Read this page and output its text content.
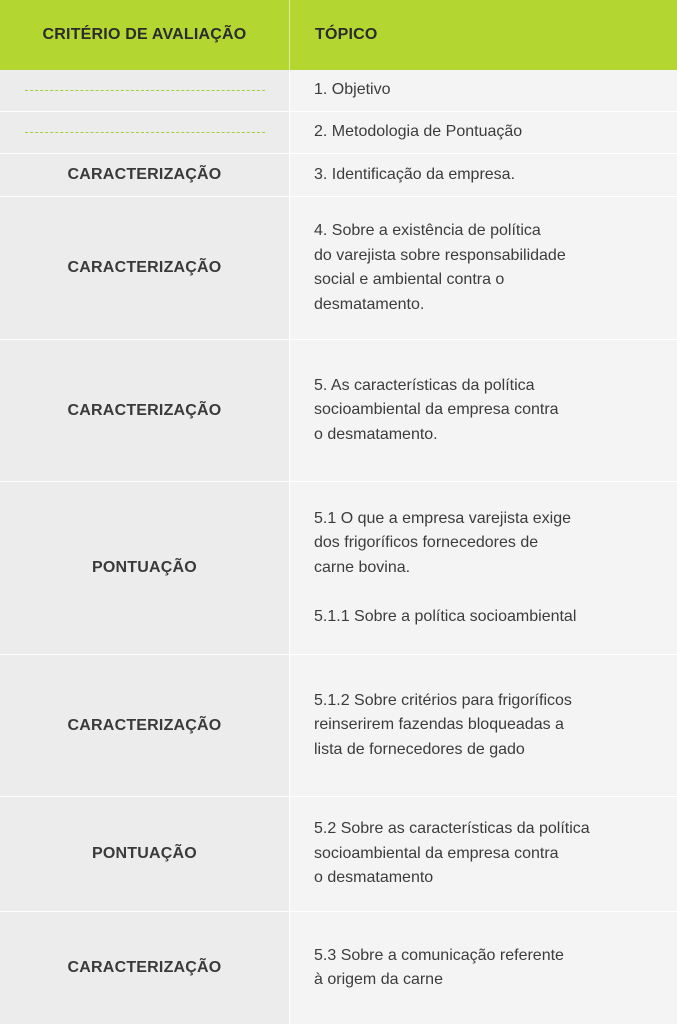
CRITÉRIO DE AVALIAÇÃO	TÓPICO
1. Objetivo
2. Metodologia de Pontuação
CARACTERIZAÇÃO	3. Identificação da empresa.
CARACTERIZAÇÃO
4. Sobre a existência de política
do varejista sobre responsabilidade
social e ambiental contra o
desmatamento.
CARACTERIZAÇÃO
5. As características da política
socioambiental da empresa contra
o desmatamento.
PONTUAÇÃO
5.1 O que a empresa varejista exige
dos frigoríficos fornecedores de
carne bovina.

5.1.1 Sobre a política socioambiental
CARACTERIZAÇÃO
5.1.2 Sobre critérios para frigoríficos
reinserirem fazendas bloqueadas a
lista de fornecedores de gado
PONTUAÇÃO
5.2 Sobre as características da política
socioambiental da empresa contra
o desmatamento
CARACTERIZAÇÃO
5.3 Sobre a comunicação referente
à origem da carne
